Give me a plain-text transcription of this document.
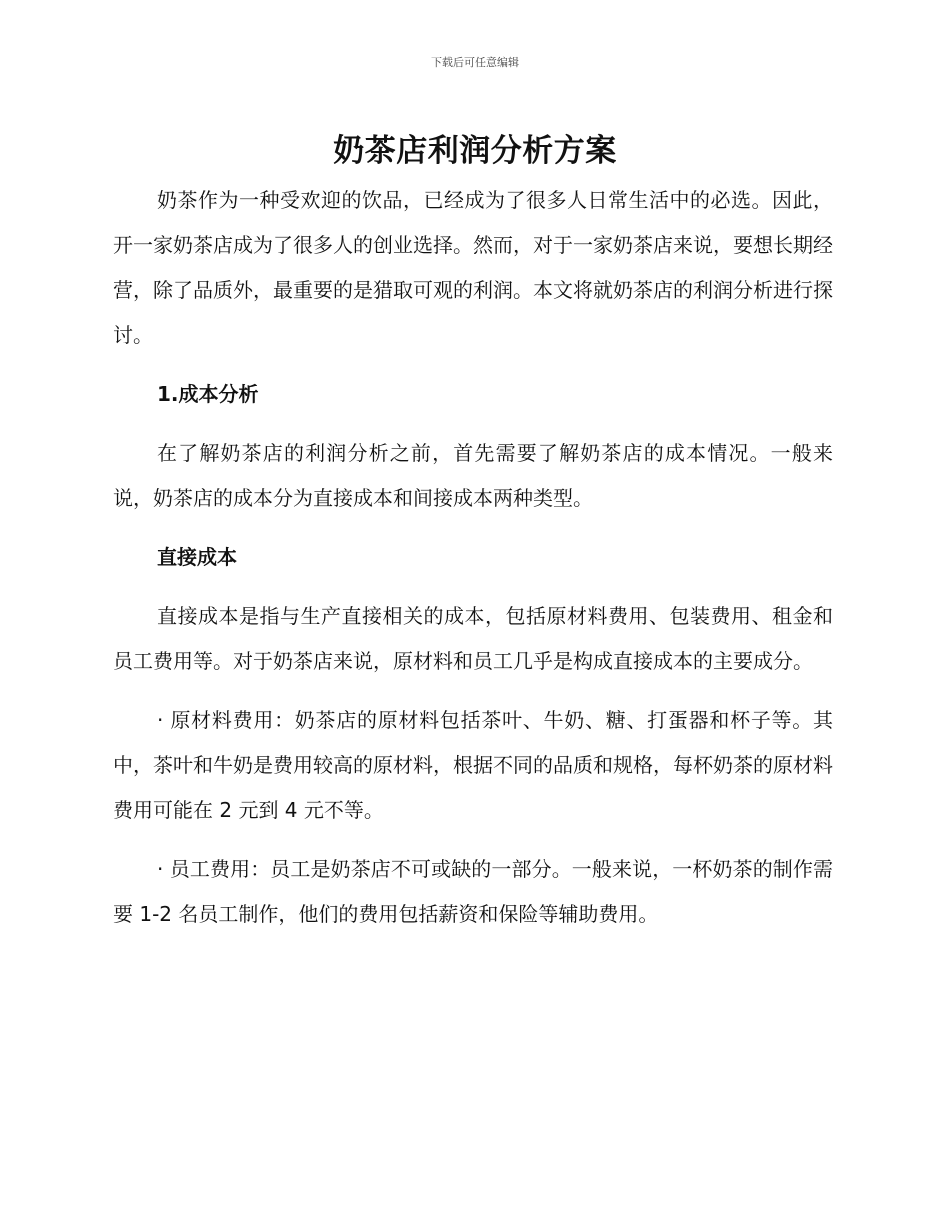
下载后可任意编辑
奶茶店利润分析方案

奶茶作为一种受欢迎的饮品，已经成为了很多人日常生活中的必选。因此，开一家奶茶店成为了很多人的创业选择。然而，对于一家奶茶店来说，要想长期经营，除了品质外，最重要的是猎取可观的利润。本文将就奶茶店的利润分析进行探讨。

1.成本分析

在了解奶茶店的利润分析之前，首先需要了解奶茶店的成本情况。一般来说，奶茶店的成本分为直接成本和间接成本两种类型。

直接成本

直接成本是指与生产直接相关的成本，包括原材料费用、包装费用、租金和员工费用等。对于奶茶店来说，原材料和员工几乎是构成直接成本的主要成分。

· 原材料费用：奶茶店的原材料包括茶叶、牛奶、糖、打蛋器和杯子等。其中，茶叶和牛奶是费用较高的原材料，根据不同的品质和规格，每杯奶茶的原材料费用可能在 2 元到 4 元不等。

· 员工费用：员工是奶茶店不可或缺的一部分。一般来说，一杯奶茶的制作需要 1-2 名员工制作，他们的费用包括薪资和保险等辅助费用。
